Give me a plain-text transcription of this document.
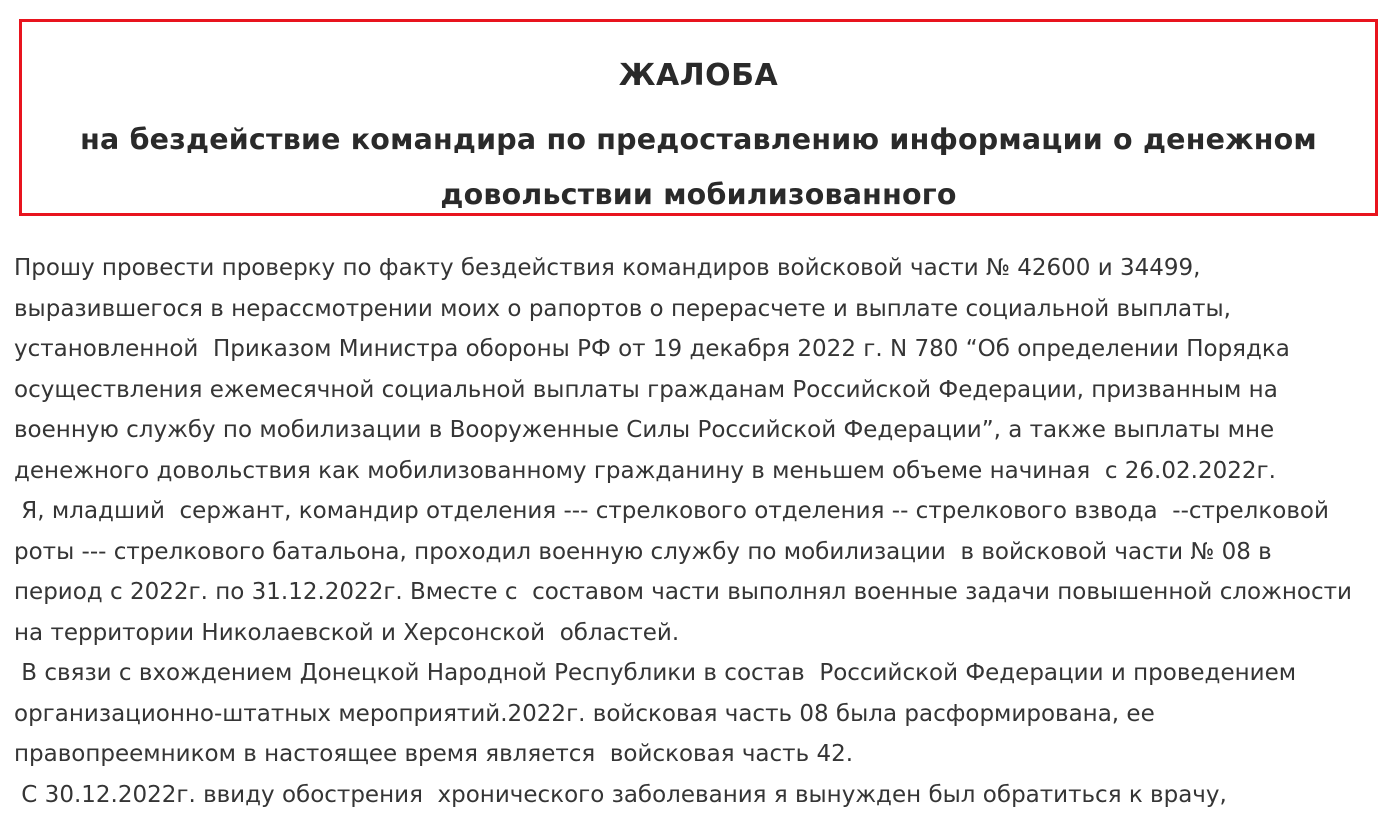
ЖАЛОБА
на бездействие командира по предоставлению информации о денежном
довольствии мобилизованного
Прошу провести проверку по факту бездействия командиров войсковой части № 42600 и 34499,
выразившегося в нерассмотрении моих о рапортов о перерасчете и выплате социальной выплаты,
установленной  Приказом Министра обороны РФ от 19 декабря 2022 г. N 780 “Об определении Порядка
осуществления ежемесячной социальной выплаты гражданам Российской Федерации, призванным на
военную службу по мобилизации в Вооруженные Силы Российской Федерации”, а также выплаты мне
денежного довольствия как мобилизованному гражданину в меньшем объеме начиная  с 26.02.2022г.
Я, младший  сержант, командир отделения --- стрелкового отделения -- стрелкового взвода  --стрелковой
роты --- стрелкового батальона, проходил военную службу по мобилизации  в войсковой части № 08 в
период с 2022г. по 31.12.2022г. Вместе с  составом части выполнял военные задачи повышенной сложности
на территории Николаевской и Херсонской  областей.
В связи с вхождением Донецкой Народной Республики в состав  Российской Федерации и проведением
организационно-штатных мероприятий.2022г. войсковая часть 08 была расформирована, ее
правопреемником в настоящее время является  войсковая часть 42.
С 30.12.2022г. ввиду обострения  хронического заболевания я вынужден был обратиться к врачу,
